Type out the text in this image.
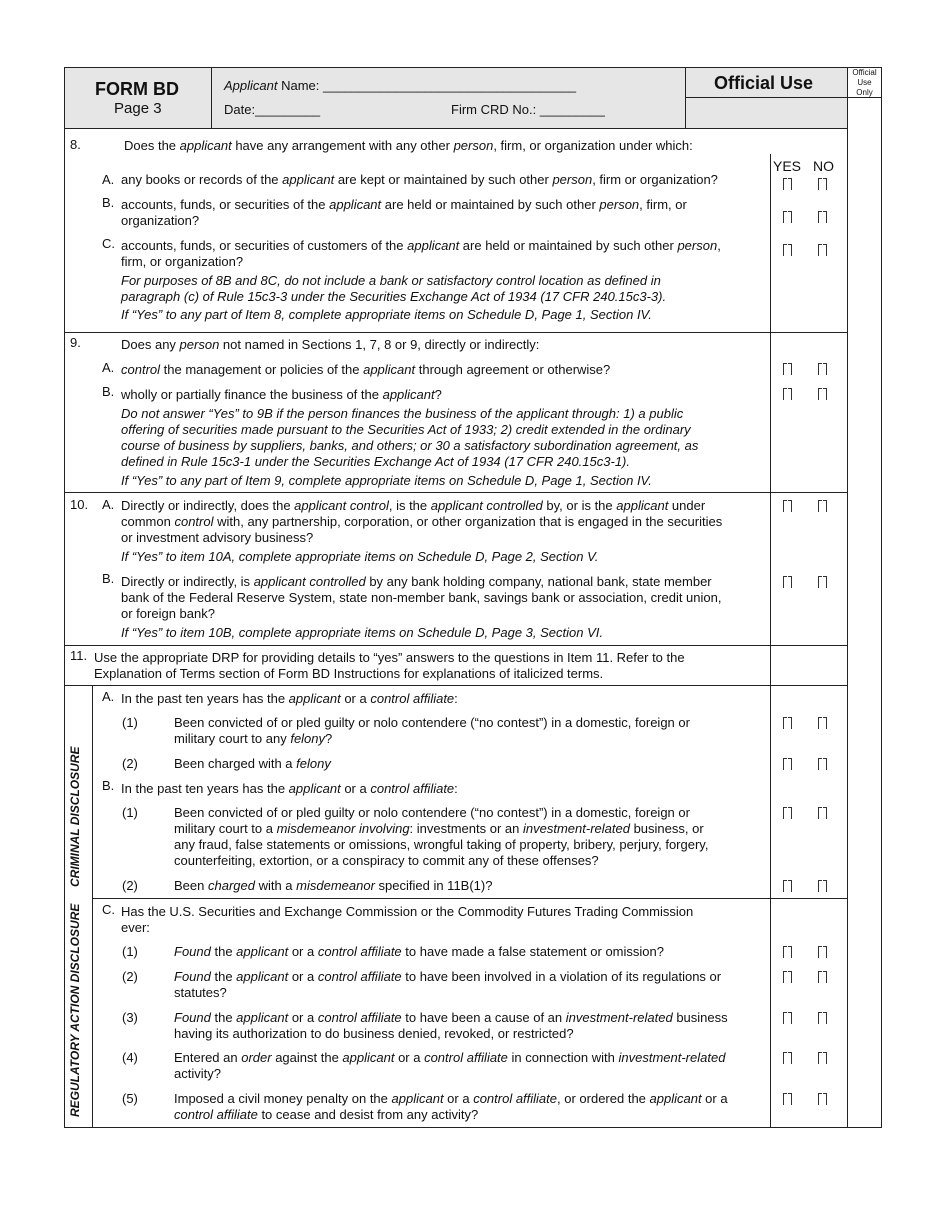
FORM BD
Page 3
Applicant Name: ___________________________________
Date:_________	Firm CRD No.: _________
Official Use
Official Use Only
8.	Does the applicant have any arrangement with any other person, firm, or organization under which:
YES NO
A. any books or records of the applicant are kept or maintained by such other person, firm or organization?
B. accounts, funds, or securities of the applicant are held or maintained by such other person, firm, or
organization?
C. accounts, funds, or securities of customers of the applicant are held or maintained by such other person,
firm, or organization?
For purposes of 8B and 8C, do not include a bank or satisfactory control location as defined in
paragraph (c) of Rule 15c3-3 under the Securities Exchange Act of 1934 (17 CFR 240.15c3-3).
If “Yes” to any part of Item 8, complete appropriate items on Schedule D, Page 1, Section IV.
9.	Does any person not named in Sections 1, 7, 8 or 9, directly or indirectly:
A. control the management or policies of the applicant through agreement or otherwise?
B. wholly or partially finance the business of the applicant?
Do not answer “Yes” to 9B if the person finances the business of the applicant through: 1) a public
offering of securities made pursuant to the Securities Act of 1933; 2) credit extended in the ordinary
course of business by suppliers, banks, and others; or 30 a satisfactory subordination agreement, as
defined in Rule 15c3-1 under the Securities Exchange Act of 1934 (17 CFR 240.15c3-1).
If “Yes” to any part of Item 9, complete appropriate items on Schedule D, Page 1, Section IV.
10. A. Directly or indirectly, does the applicant control, is the applicant controlled by, or is the applicant under
common control with, any partnership, corporation, or other organization that is engaged in the securities
or investment advisory business?
If “Yes” to item 10A, complete appropriate items on Schedule D, Page 2, Section V.
B. Directly or indirectly, is applicant controlled by any bank holding company, national bank, state member
bank of the Federal Reserve System, state non-member bank, savings bank or association, credit union,
or foreign bank?
If “Yes” to item 10B, complete appropriate items on Schedule D, Page 3, Section VI.
11. Use the appropriate DRP for providing details to “yes” answers to the questions in Item 11. Refer to the
Explanation of Terms section of Form BD Instructions for explanations of italicized terms.
CRIMINAL DISCLOSURE
REGULATORY ACTION DISCLOSURE
A. In the past ten years has the applicant or a control affiliate:
(1)	Been convicted of or pled guilty or nolo contendere (“no contest”) in a domestic, foreign or
military court to any felony?
(2)	Been charged with a felony
B. In the past ten years has the applicant or a control affiliate:
(1)	Been convicted of or pled guilty or nolo contendere (“no contest”) in a domestic, foreign or
military court to a misdemeanor involving: investments or an investment-related business, or
any fraud, false statements or omissions, wrongful taking of property, bribery, perjury, forgery,
counterfeiting, extortion, or a conspiracy to commit any of these offenses?
(2)	Been charged with a misdemeanor specified in 11B(1)?
C. Has the U.S. Securities and Exchange Commission or the Commodity Futures Trading Commission
ever:
(1)	Found the applicant or a control affiliate to have made a false statement or omission?
(2)	Found the applicant or a control affiliate to have been involved in a violation of its regulations or
statutes?
(3)	Found the applicant or a control affiliate to have been a cause of an investment-related business
having its authorization to do business denied, revoked, or restricted?
(4)	Entered an order against the applicant or a control affiliate in connection with investment-related
activity?
(5)	Imposed a civil money penalty on the applicant or a control affiliate, or ordered the applicant or a
control affiliate to cease and desist from any activity?
